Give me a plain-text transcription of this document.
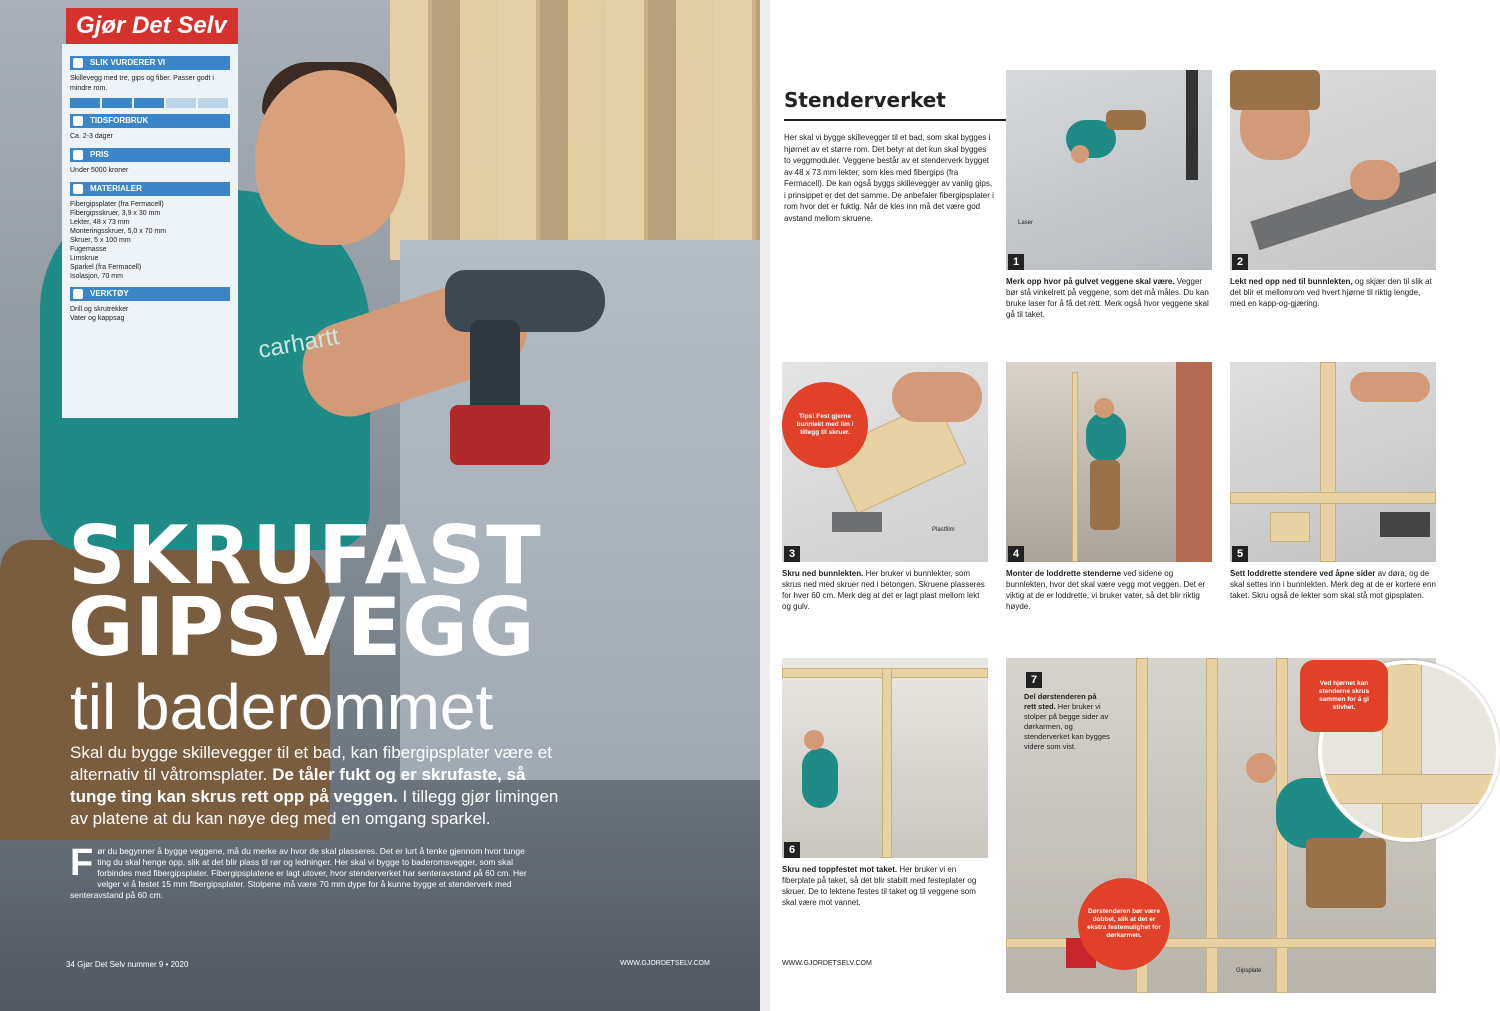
carhartt
Gjør Det Selv
SLIK VURDERER VI
Skillevegg med tre, gips og fiber. Passer godt i mindre rom.
TIDSFORBRUK
Ca. 2-3 dager
PRIS
Under 5000 kroner
MATERIALER
Fibergipsplater (fra Fermacell)
Fibergipsskruer, 3,9 x 30 mm
Lekter, 48 x 73 mm
Monteringsskruer, 5,0 x 70 mm
Skruer, 5 x 100 mm
Fugemasse
Limskrue
Sparkel (fra Fermacell)
Isolasjon, 70 mm
VERKTØY
Drill og skrutrekker
Vater og kappsag
SKRUFAST
GIPSVEGG
til baderommet
Skal du bygge skillevegger til et bad, kan fibergipsplater være et alternativ til våtromsplater. De tåler fukt og er skrufaste, så tunge ting kan skrus rett opp på veggen. I tillegg gjør limingen av platene at du kan nøye deg med en omgang sparkel.
Før du begynner å bygge veggene, må du merke av hvor de skal plasseres. Det er lurt å tenke gjennom hvor tunge ting du skal henge opp, slik at det blir plass til rør og ledninger. Her skal vi bygge to baderomsvegger, som skal forbindes med fibergipsplater. Fibergipsplatene er lagt utover, hvor stenderverket har senteravstand på 60 cm. Her velger vi å festet 15 mm fibergipsplater. Stolpene må være 70 mm dype for å kunne bygge et stenderverk med senteravstand på 60 cm.
34 Gjør Det Selv nummer 9 • 2020	WWW.GJORDETSELV.COM
Stenderverket
Her skal vi bygge skillevegger til et bad, som skal bygges i hjørnet av et større rom. Det betyr at det kun skal bygges to veggmoduler. Veggene består av et stenderverk bygget av 48 x 73 mm lekter, som kles med fibergips (fra Fermacell). De kan også byggs skillevegger av vanlig gips, i prinsippet er det det samme. De anbefaler fibergipsplater i rom hvor det er fuktig. Når de kles inn må det være god avstand mellom skruene.
Laser
1
Merk opp hvor på gulvet veggene skal være. Vegger bør stå vinkelrett på veggene, som det må måles. Du kan bruke laser for å få det rett. Merk også hvor veggene skal gå til taket.
2
Lekt ned opp ned til bunnlekten, og skjær den til slik at det blir et mellomrom ved hvert hjørne til riktig lengde, med en kapp-og-gjæring.
Plastfilm
Tips! Fest gjerne bunnlekt med lim i tillegg til skruer.
3
Skru ned bunnlekten. Her bruker vi bunnlekter, som skrus ned med skruer ned i betongen. Skruene plasseres for hver 60 cm. Merk deg at det er lagt plast mellom lekt og gulv.
4
Monter de loddrette stenderne ved sidene og bunnlekten, hvor det skal være vegg mot veggen. Det er viktig at de er loddrette, vi bruker vater, så det blir riktig høyde.
5
Sett loddrette stendere ved åpne sider av døra, og de skal settes inn i bunnlekten. Merk deg at de er kortere enn taket. Skru også de lekter som skal stå mot gipsplaten.
6
Skru ned toppfestet mot taket. Her bruker vi en fiberplate på taket, så det blir stabilt med festeplater og skruer. De to lektene festes til taket og til veggene som skal være mot vannet.
Gipsplate
7
Del dørstenderen på rett sted. Her bruker vi stolper på begge sider av dørkarmen, og stenderverket kan bygges videre som vist.
Ved hjørnet kan stenderne skrus sammen for å gi stivhet.
Dørstenderen bør være dobbel, slik at det er ekstra festemulighet for dørkarmen.
WWW.GJORDETSELV.COM
